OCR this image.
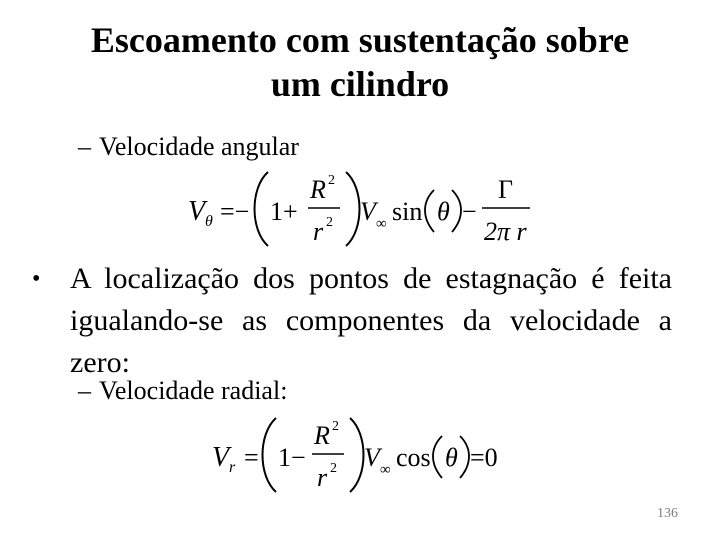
Escoamento com sustentação sobre
um cilindro
– Velocidade angular
V θ =− 1+
R 2
r 2 V ∞ sin θ −
Γ
2π r
• A localização dos pontos de estagnação é feita igualando-se as componentes da velocidade a zero:
– Velocidade radial:
V r = 1−
R 2
r 2 V ∞ cos θ =0
136
